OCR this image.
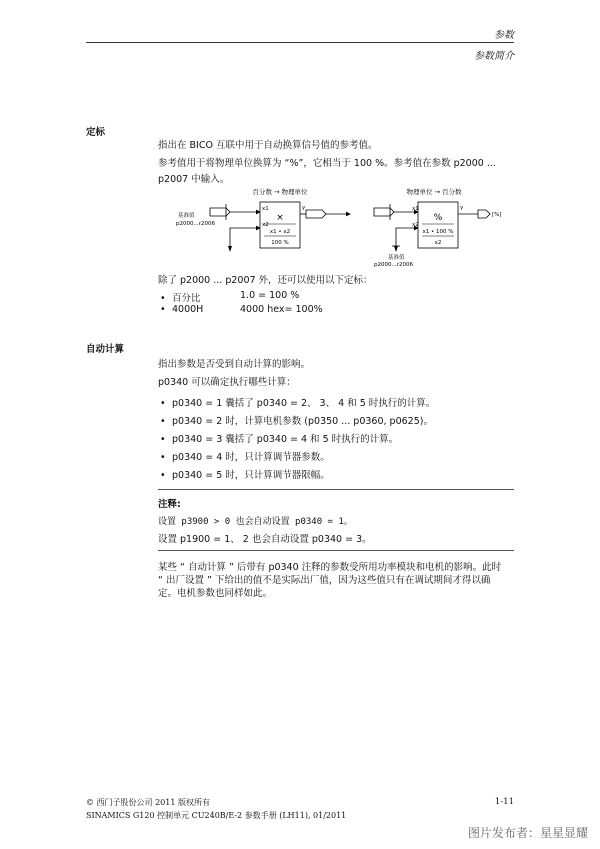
参数
参数简介
定标
指出在 BICO 互联中用于自动换算信号值的参考值。
参考值用于将物理单位换算为 “%”，它相当于 100 %。参考值在参数 p2000 ...
p2007 中输入。
百分数 → 物理单位
基准值
p2000...r2006
x1
x2
×
x1 • x2
100 %
y
物理单位 → 百分数
基准值
p2000...r2006
x1
x2
%
x1 • 100 %
x2
y
[%]
除了 p2000 ... p2007 外，还可以使用以下定标：
• 百分比	1.0 = 100 %
• 4000H	4000 hex= 100%
自动计算
指出参数是否受到自动计算的影响。
p0340 可以确定执行哪些计算：
• p0340 = 1 囊括了 p0340 = 2、 3、 4 和 5 时执行的计算。
• p0340 = 2 时，计算电机参数 (p0350 ... p0360, p0625)。
• p0340 = 3 囊括了 p0340 = 4 和 5 时执行的计算。
• p0340 = 4 时，只计算调节器参数。
• p0340 = 5 时，只计算调节器限幅。
注释:
设置 p3900 > 0 也会自动设置 p0340 = 1。
设置 p1900 = 1、 2 也会自动设置 p0340 = 3。
某些 “ 自动计算 ” 后带有 p0340 注释的参数受所用功率模块和电机的影响。此时
“ 出厂设置 ” 下给出的值不是实际出厂值，因为这些值只有在调试期间才得以确
定。电机参数也同样如此。
© 西门子股份公司 2011 版权所有
SINAMICS G120 控制单元 CU240B/E-2 参数手册 (LH11), 01/2011
1-11
图片发布者：星星显耀
